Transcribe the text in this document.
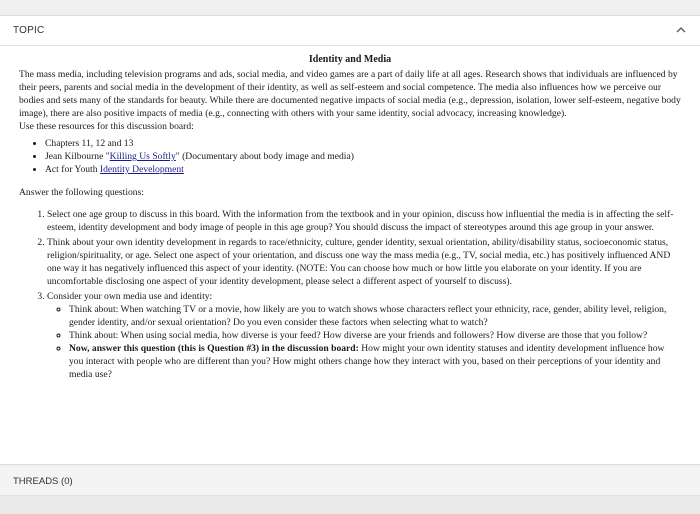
TOPIC
Identity and Media

The mass media, including television programs and ads, social media, and video games are a part of daily life at all ages. Research shows that individuals are influenced by their peers, parents and social media in the development of their identity, as well as self-esteem and social competence. The media also influences how we perceive our bodies and sets many of the standards for beauty. While there are documented negative impacts of social media (e.g., depression, isolation, lower self-esteem, negative body image), there are also positive impacts of media (e.g., connecting with others with your same identity, social advocacy, increasing knowledge).

Use these resources for this discussion board:

• Chapters 11, 12 and 13
• Jean Kilbourne "Killing Us Softly" (Documentary about body image and media)
• Act for Youth Identity Development

Answer the following questions:

1. Select one age group to discuss in this board. With the information from the textbook and in your opinion, discuss how influential the media is in affecting the self-esteem, identity development and body image of people in this age group? You should discuss the impact of stereotypes around this age group in your answer.
2. Think about your own identity development in regards to race/ethnicity, culture, gender identity, sexual orientation, ability/disability status, socioeconomic status, religion/spirituality, or age. Select one aspect of your orientation, and discuss one way the mass media (e.g., TV, social media, etc.) has positively influenced AND one way it has negatively influenced this aspect of your identity. (NOTE: You can choose how much or how little you elaborate on your identity. If you are uncomfortable disclosing one aspect of your identity development, please select a different aspect of yourself to discuss).
3. Consider your own media use and identity:
◦ Think about: When watching TV or a movie, how likely are you to watch shows whose characters reflect your ethnicity, race, gender, ability level, religion, gender identity, and/or sexual orientation? Do you even consider these factors when selecting what to watch?
◦ Think about: When using social media, how diverse is your feed? How diverse are your friends and followers? How diverse are those that you follow?
◦ Now, answer this question (this is Question #3) in the discussion board: How might your own identity statuses and identity development influence how you interact with people who are different than you? How might others change how they interact with you, based on their perceptions of your identity and media use?
THREADS (0)
